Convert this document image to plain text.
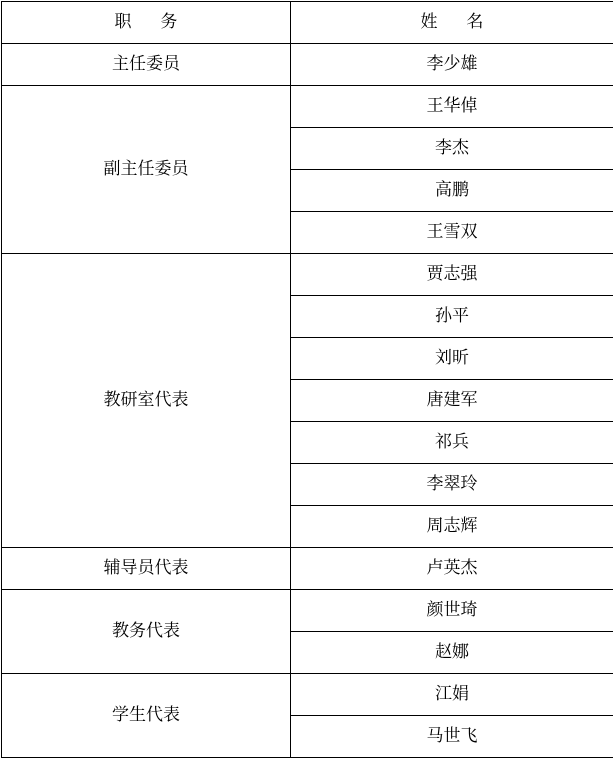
职　务	姓　名
主任委员	李少雄
副主任委员	王华倬
	李杰
	高鹏
	王雪双
教研室代表	贾志强
	孙平
	刘昕
	唐建军
	祁兵
	李翠玲
	周志辉
辅导员代表	卢英杰
教务代表	颜世琦
	赵娜
学生代表	江娟
	马世飞
